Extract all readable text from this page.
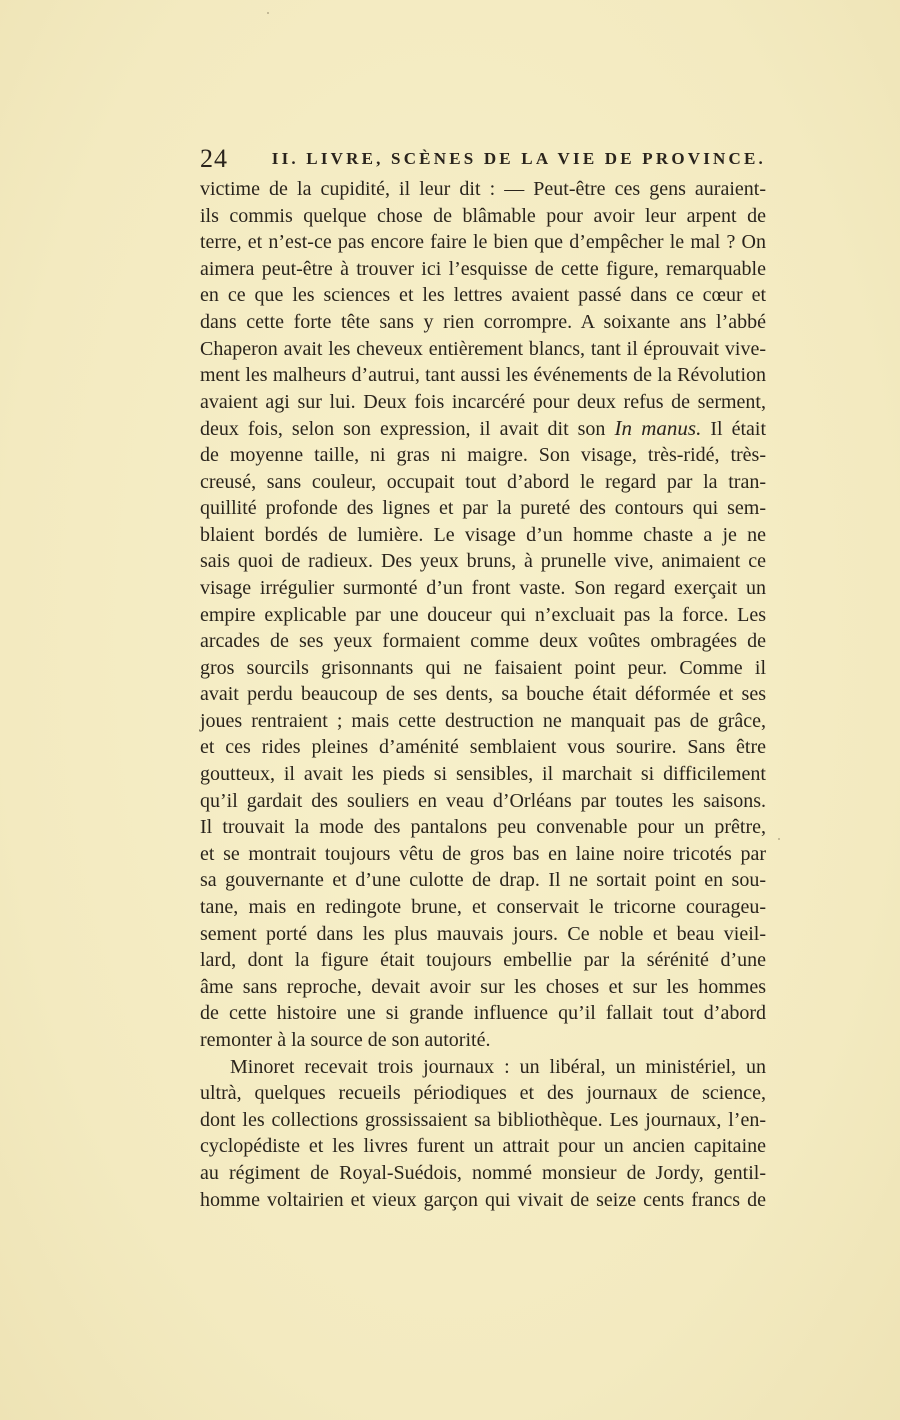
24	II. LIVRE, SCÈNES DE LA VIE DE PROVINCE.
victime de la cupidité, il leur dit : — Peut-être ces gens auraient-
ils commis quelque chose de blâmable pour avoir leur arpent de
terre, et n’est-ce pas encore faire le bien que d’empêcher le mal ? On
aimera peut-être à trouver ici l’esquisse de cette figure, remarquable
en ce que les sciences et les lettres avaient passé dans ce cœur et
dans cette forte tête sans y rien corrompre. A soixante ans l’abbé
Chaperon avait les cheveux entièrement blancs, tant il éprouvait vive-
ment les malheurs d’autrui, tant aussi les événements de la Révolution
avaient agi sur lui. Deux fois incarcéré pour deux refus de serment,
deux fois, selon son expression, il avait dit son In manus. Il était
de moyenne taille, ni gras ni maigre. Son visage, très-ridé, très-
creusé, sans couleur, occupait tout d’abord le regard par la tran-
quillité profonde des lignes et par la pureté des contours qui sem-
blaient bordés de lumière. Le visage d’un homme chaste a je ne
sais quoi de radieux. Des yeux bruns, à prunelle vive, animaient ce
visage irrégulier surmonté d’un front vaste. Son regard exerçait un
empire explicable par une douceur qui n’excluait pas la force. Les
arcades de ses yeux formaient comme deux voûtes ombragées de
gros sourcils grisonnants qui ne faisaient point peur. Comme il
avait perdu beaucoup de ses dents, sa bouche était déformée et ses
joues rentraient ; mais cette destruction ne manquait pas de grâce,
et ces rides pleines d’aménité semblaient vous sourire. Sans être
goutteux, il avait les pieds si sensibles, il marchait si difficilement
qu’il gardait des souliers en veau d’Orléans par toutes les saisons.
Il trouvait la mode des pantalons peu convenable pour un prêtre,
et se montrait toujours vêtu de gros bas en laine noire tricotés par
sa gouvernante et d’une culotte de drap. Il ne sortait point en sou-
tane, mais en redingote brune, et conservait le tricorne courageu-
sement porté dans les plus mauvais jours. Ce noble et beau vieil-
lard, dont la figure était toujours embellie par la sérénité d’une
âme sans reproche, devait avoir sur les choses et sur les hommes
de cette histoire une si grande influence qu’il fallait tout d’abord
remonter à la source de son autorité.
Minoret recevait trois journaux : un libéral, un ministériel, un
ultrà, quelques recueils périodiques et des journaux de science,
dont les collections grossissaient sa bibliothèque. Les journaux, l’en-
cyclopédiste et les livres furent un attrait pour un ancien capitaine
au régiment de Royal-Suédois, nommé monsieur de Jordy, gentil-
homme voltairien et vieux garçon qui vivait de seize cents francs de
